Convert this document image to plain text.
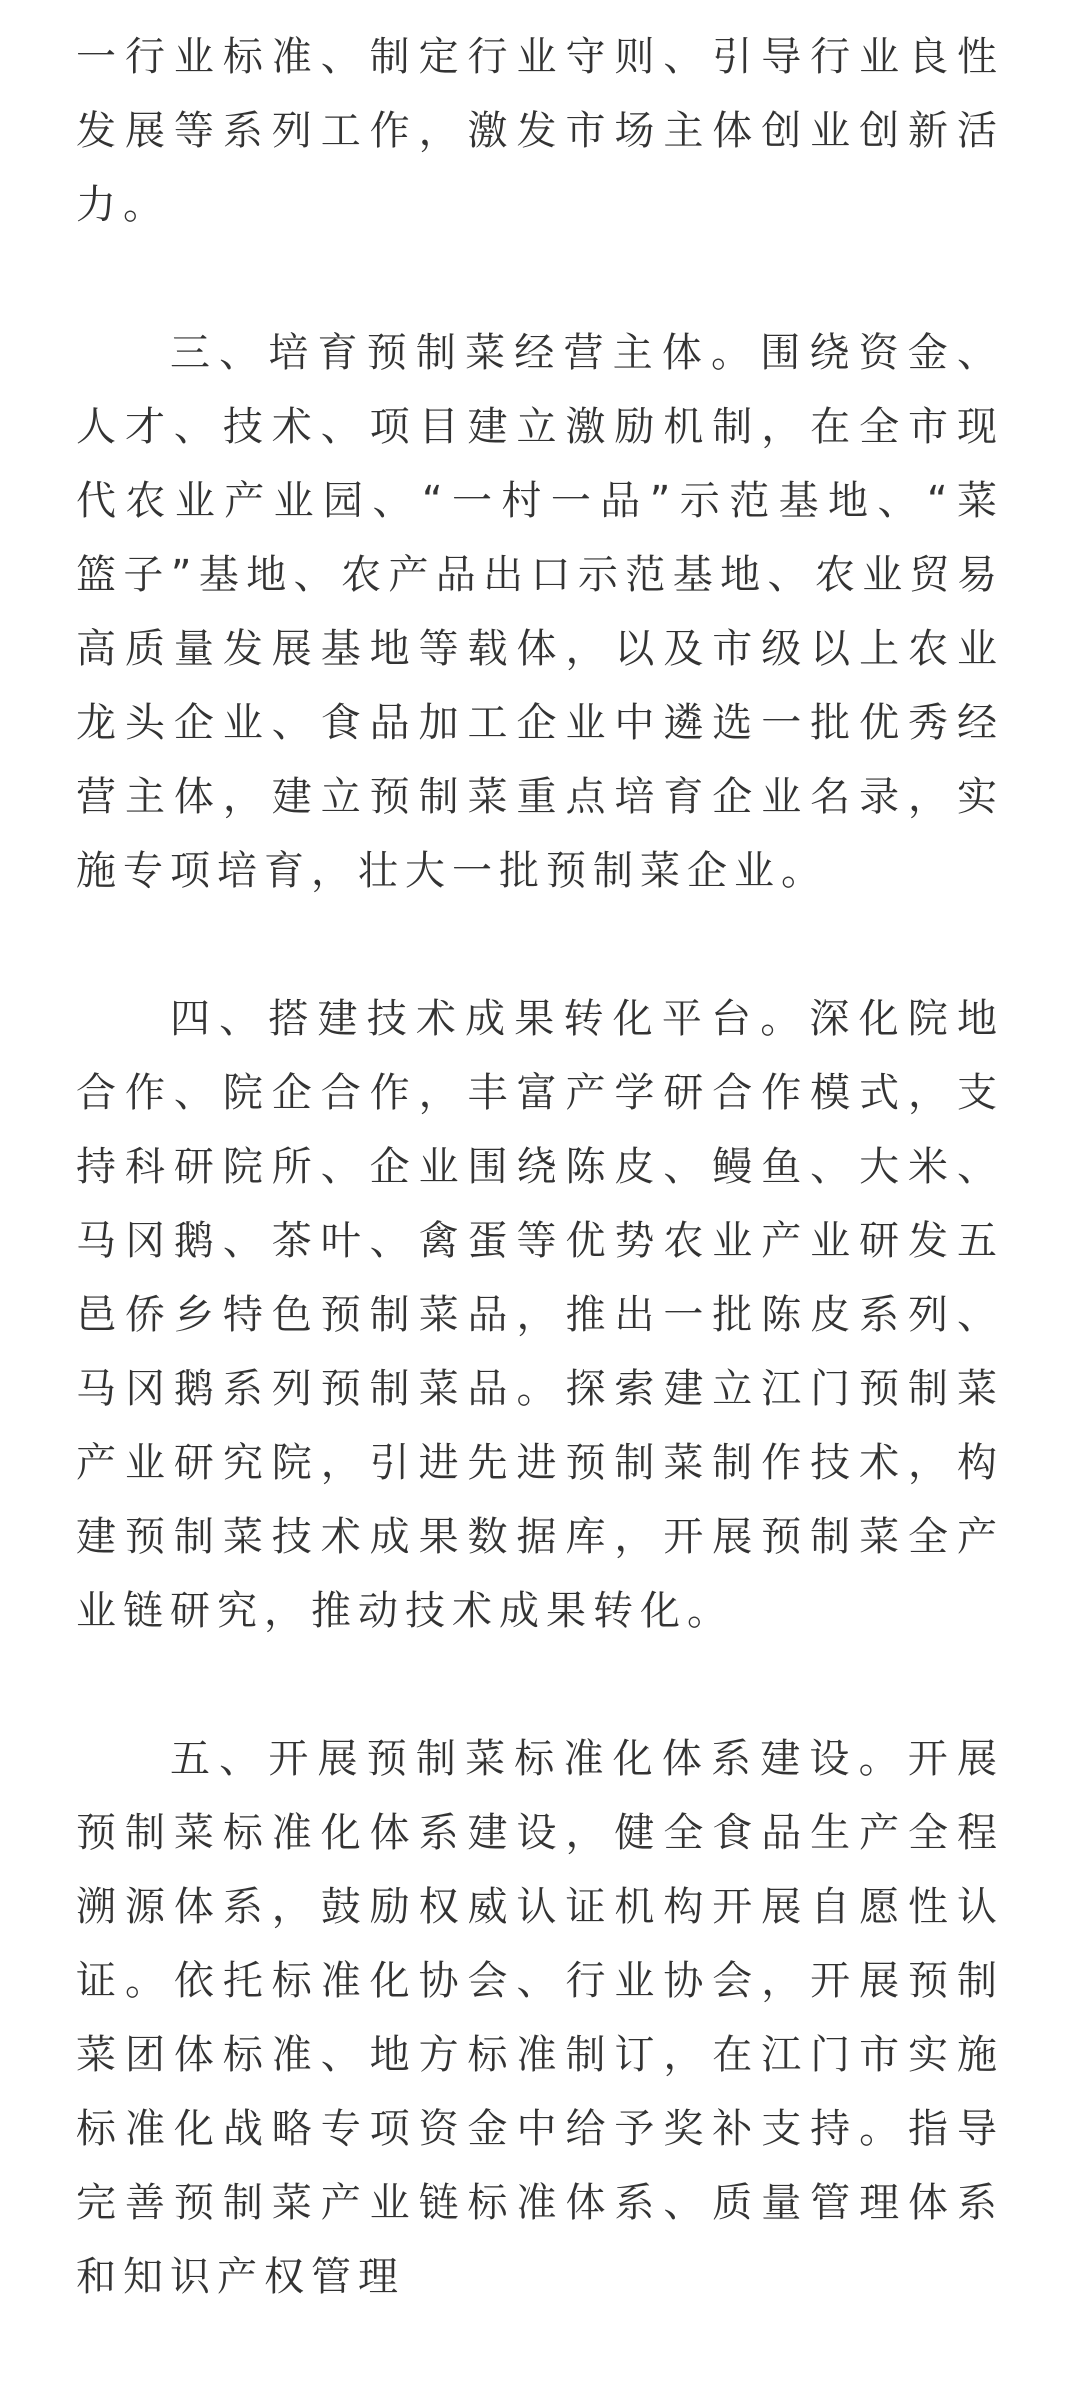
一行业标准、制定行业守则、引导行业良性发展等系列工作，激发市场主体创业创新活力。

三、培育预制菜经营主体。围绕资金、人才、技术、项目建立激励机制，在全市现代农业产业园、“一村一品”示范基地、“菜篮子”基地、农产品出口示范基地、农业贸易高质量发展基地等载体，以及市级以上农业龙头企业、食品加工企业中遴选一批优秀经营主体，建立预制菜重点培育企业名录，实施专项培育，壮大一批预制菜企业。

四、搭建技术成果转化平台。深化院地合作、院企合作，丰富产学研合作模式，支持科研院所、企业围绕陈皮、鳗鱼、大米、马冈鹅、茶叶、禽蛋等优势农业产业研发五邑侨乡特色预制菜品，推出一批陈皮系列、马冈鹅系列预制菜品。探索建立江门预制菜产业研究院，引进先进预制菜制作技术，构建预制菜技术成果数据库，开展预制菜全产业链研究，推动技术成果转化。

五、开展预制菜标准化体系建设。开展预制菜标准化体系建设，健全食品生产全程溯源体系，鼓励权威认证机构开展自愿性认证。依托标准化协会、行业协会，开展预制菜团体标准、地方标准制订，在江门市实施标准化战略专项资金中给予奖补支持。指导完善预制菜产业链标准体系、质量管理体系和知识产权管理
